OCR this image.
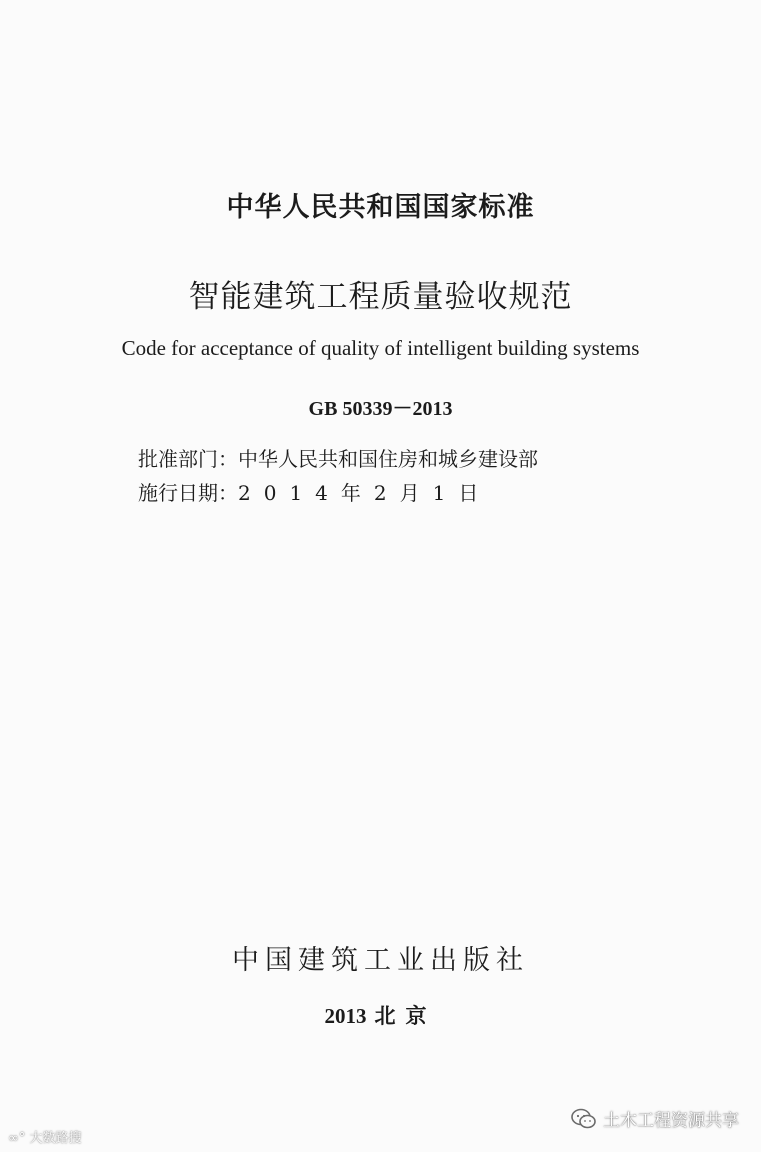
中华人民共和国国家标准
智能建筑工程质量验收规范
Code for acceptance of quality of intelligent building systems
GB 50339－2013
批准部门：中华人民共和国住房和城乡建设部
施行日期：2014年2月1日
中国建筑工业出版社
2013 北京
∞° 大数路搜
土木工程资源共享
